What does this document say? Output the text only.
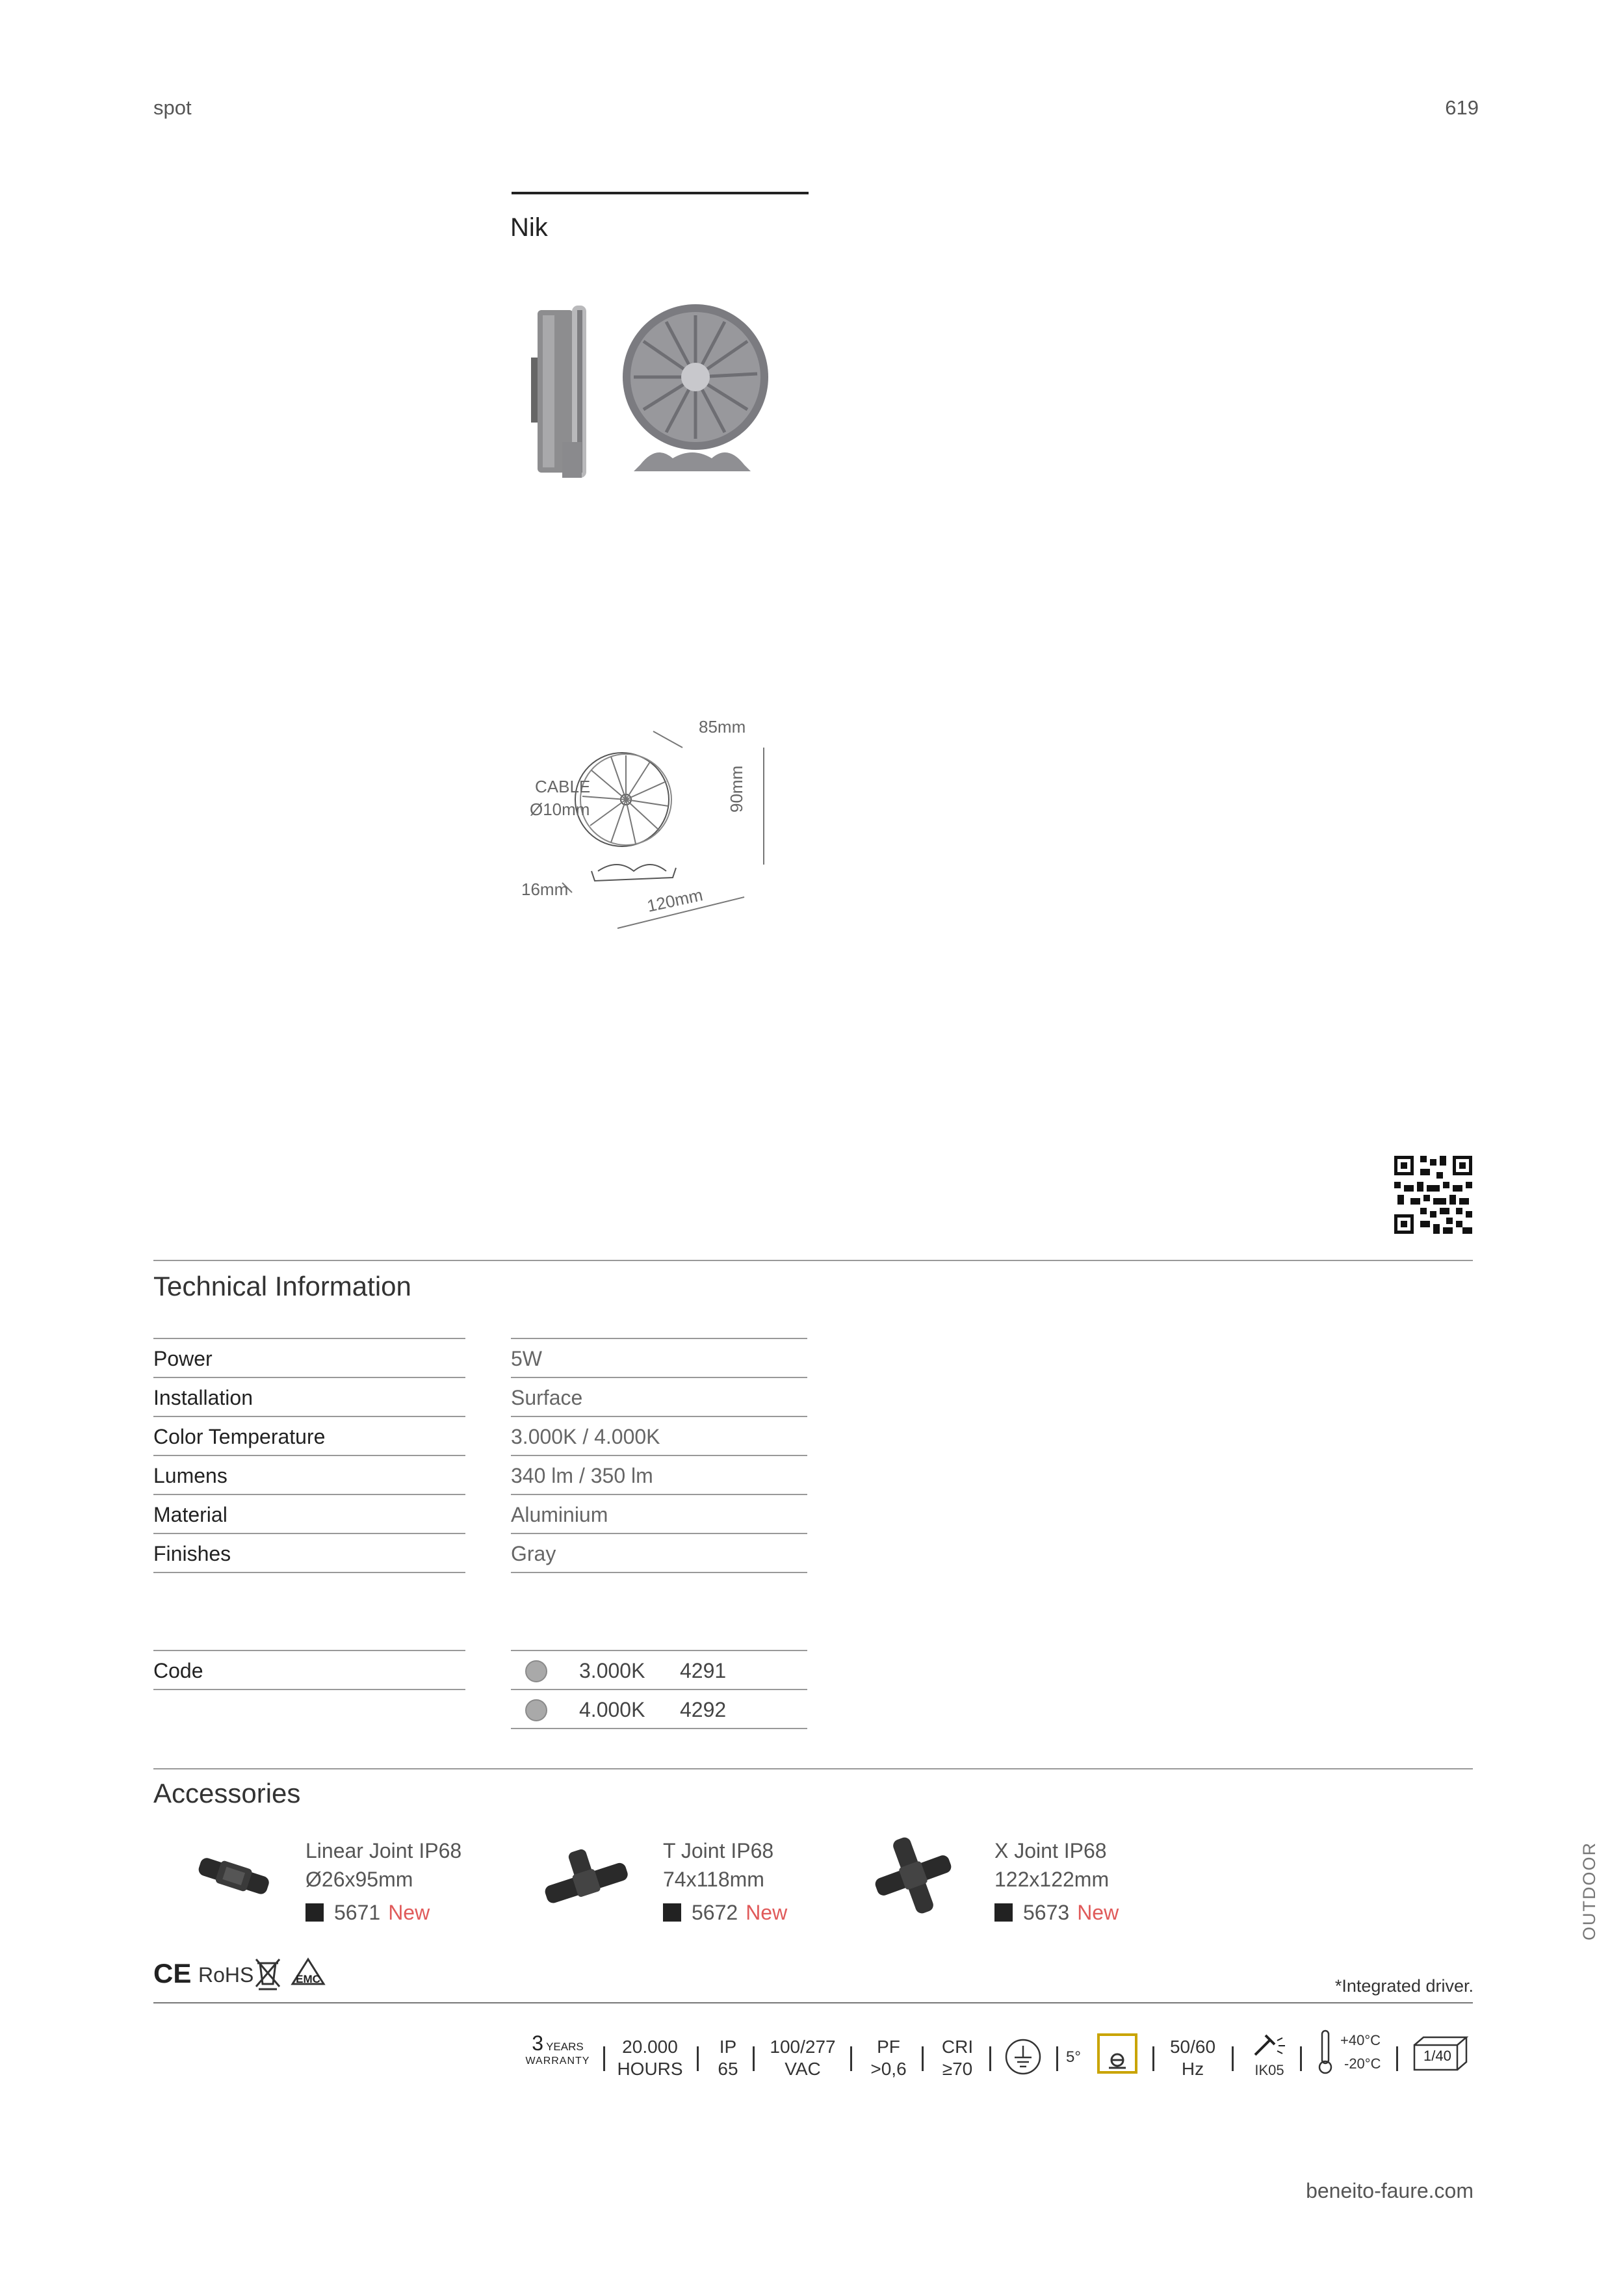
spot	619
Nik
85mm
CABLE
Ø10mm	90mm
16mm	120mm
Technical Information
Power	5W
Installation	Surface
Color Temperature	3.000K / 4.000K
Lumens	340 lm / 350 lm
Material	Aluminium
Finishes	Gray
Code	3.000K 4291
4.000K 4292
Accessories
Linear Joint IP68
Ø26x95mm
5671 New
T Joint IP68
74x118mm
5672 New
X Joint IP68
122x122mm
5673 New	OUTDOOR
CE RoHS	EMC	*Integrated driver.
3 YEARS
WARRANTY
20.000
HOURS
IP
65
100/277
VAC
PF
>0,6
CRI
≥70
5°
50/60
Hz	IK05
+40°C
-20°C	1/40
beneito-faure.com
